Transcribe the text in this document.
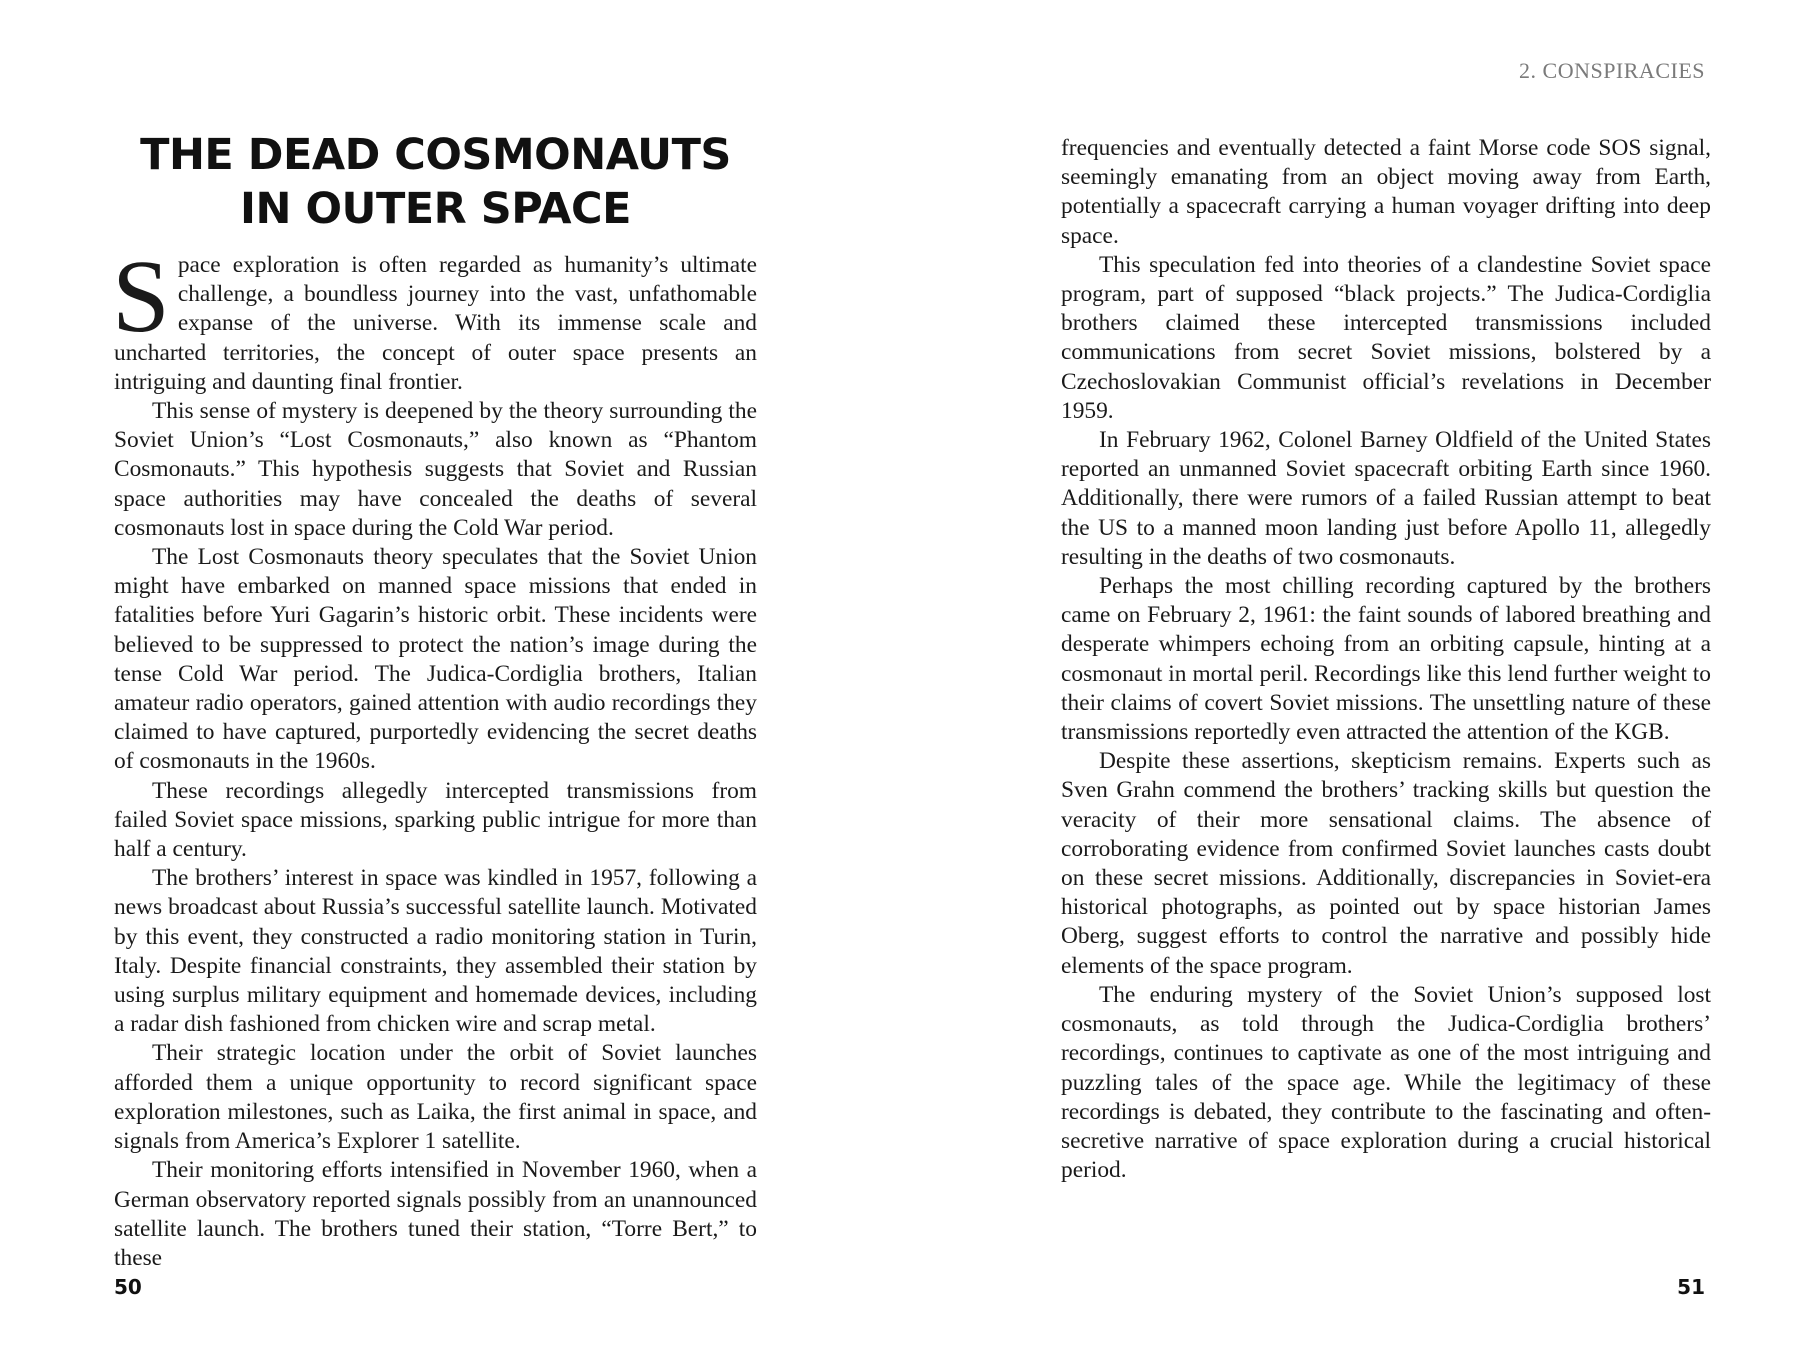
THE DEAD COSMONAUTS IN OUTER SPACE

Space exploration is often regarded as humanity’s ultimate challenge, a boundless journey into the vast, unfathomable expanse of the universe. With its immense scale and uncharted territories, the concept of outer space presents an intriguing and daunting final frontier.

This sense of mystery is deepened by the theory surrounding the Soviet Union’s “Lost Cosmonauts,” also known as “Phantom Cosmonauts.” This hypothesis suggests that Soviet and Russian space authorities may have concealed the deaths of several cosmonauts lost in space during the Cold War period.

The Lost Cosmonauts theory speculates that the Soviet Union might have embarked on manned space missions that ended in fatalities before Yuri Gagarin’s historic orbit. These incidents were believed to be suppressed to protect the nation’s image during the tense Cold War period. The Judica-Cordiglia brothers, Italian amateur radio operators, gained attention with audio recordings they claimed to have captured, purportedly evidencing the secret deaths of cosmonauts in the 1960s.

These recordings allegedly intercepted transmissions from failed Soviet space missions, sparking public intrigue for more than half a century.

The brothers’ interest in space was kindled in 1957, following a news broadcast about Russia’s successful satellite launch. Motivated by this event, they constructed a radio monitoring station in Turin, Italy. Despite financial constraints, they assembled their station by using surplus military equipment and homemade devices, including a radar dish fashioned from chicken wire and scrap metal.

Their strategic location under the orbit of Soviet launches afforded them a unique opportunity to record significant space exploration milestones, such as Laika, the first animal in space, and signals from America’s Explorer 1 satellite.

Their monitoring efforts intensified in November 1960, when a German observatory reported signals possibly from an unannounced satellite launch. The brothers tuned their station, “Torre Bert,” to these

50
2. CONSPIRACIES

frequencies and eventually detected a faint Morse code SOS signal, seemingly emanating from an object moving away from Earth, potentially a spacecraft carrying a human voyager drifting into deep space.

This speculation fed into theories of a clandestine Soviet space program, part of supposed “black projects.” The Judica-Cordiglia brothers claimed these intercepted transmissions included communications from secret Soviet missions, bolstered by a Czechoslovakian Communist official’s revelations in December 1959.

In February 1962, Colonel Barney Oldfield of the United States reported an unmanned Soviet spacecraft orbiting Earth since 1960. Additionally, there were rumors of a failed Russian attempt to beat the US to a manned moon landing just before Apollo 11, allegedly resulting in the deaths of two cosmonauts.

Perhaps the most chilling recording captured by the brothers came on February 2, 1961: the faint sounds of labored breathing and desperate whimpers echoing from an orbiting capsule, hinting at a cosmonaut in mortal peril. Recordings like this lend further weight to their claims of covert Soviet missions. The unsettling nature of these transmissions reportedly even attracted the attention of the KGB.

Despite these assertions, skepticism remains. Experts such as Sven Grahn commend the brothers’ tracking skills but question the veracity of their more sensational claims. The absence of corroborating evidence from confirmed Soviet launches casts doubt on these secret missions. Additionally, discrepancies in Soviet-era historical photographs, as pointed out by space historian James Oberg, suggest efforts to control the narrative and possibly hide elements of the space program.

The enduring mystery of the Soviet Union’s supposed lost cosmonauts, as told through the Judica-Cordiglia brothers’ recordings, continues to captivate as one of the most intriguing and puzzling tales of the space age. While the legitimacy of these recordings is debated, they contribute to the fascinating and often-secretive narrative of space exploration during a crucial historical period.

51
